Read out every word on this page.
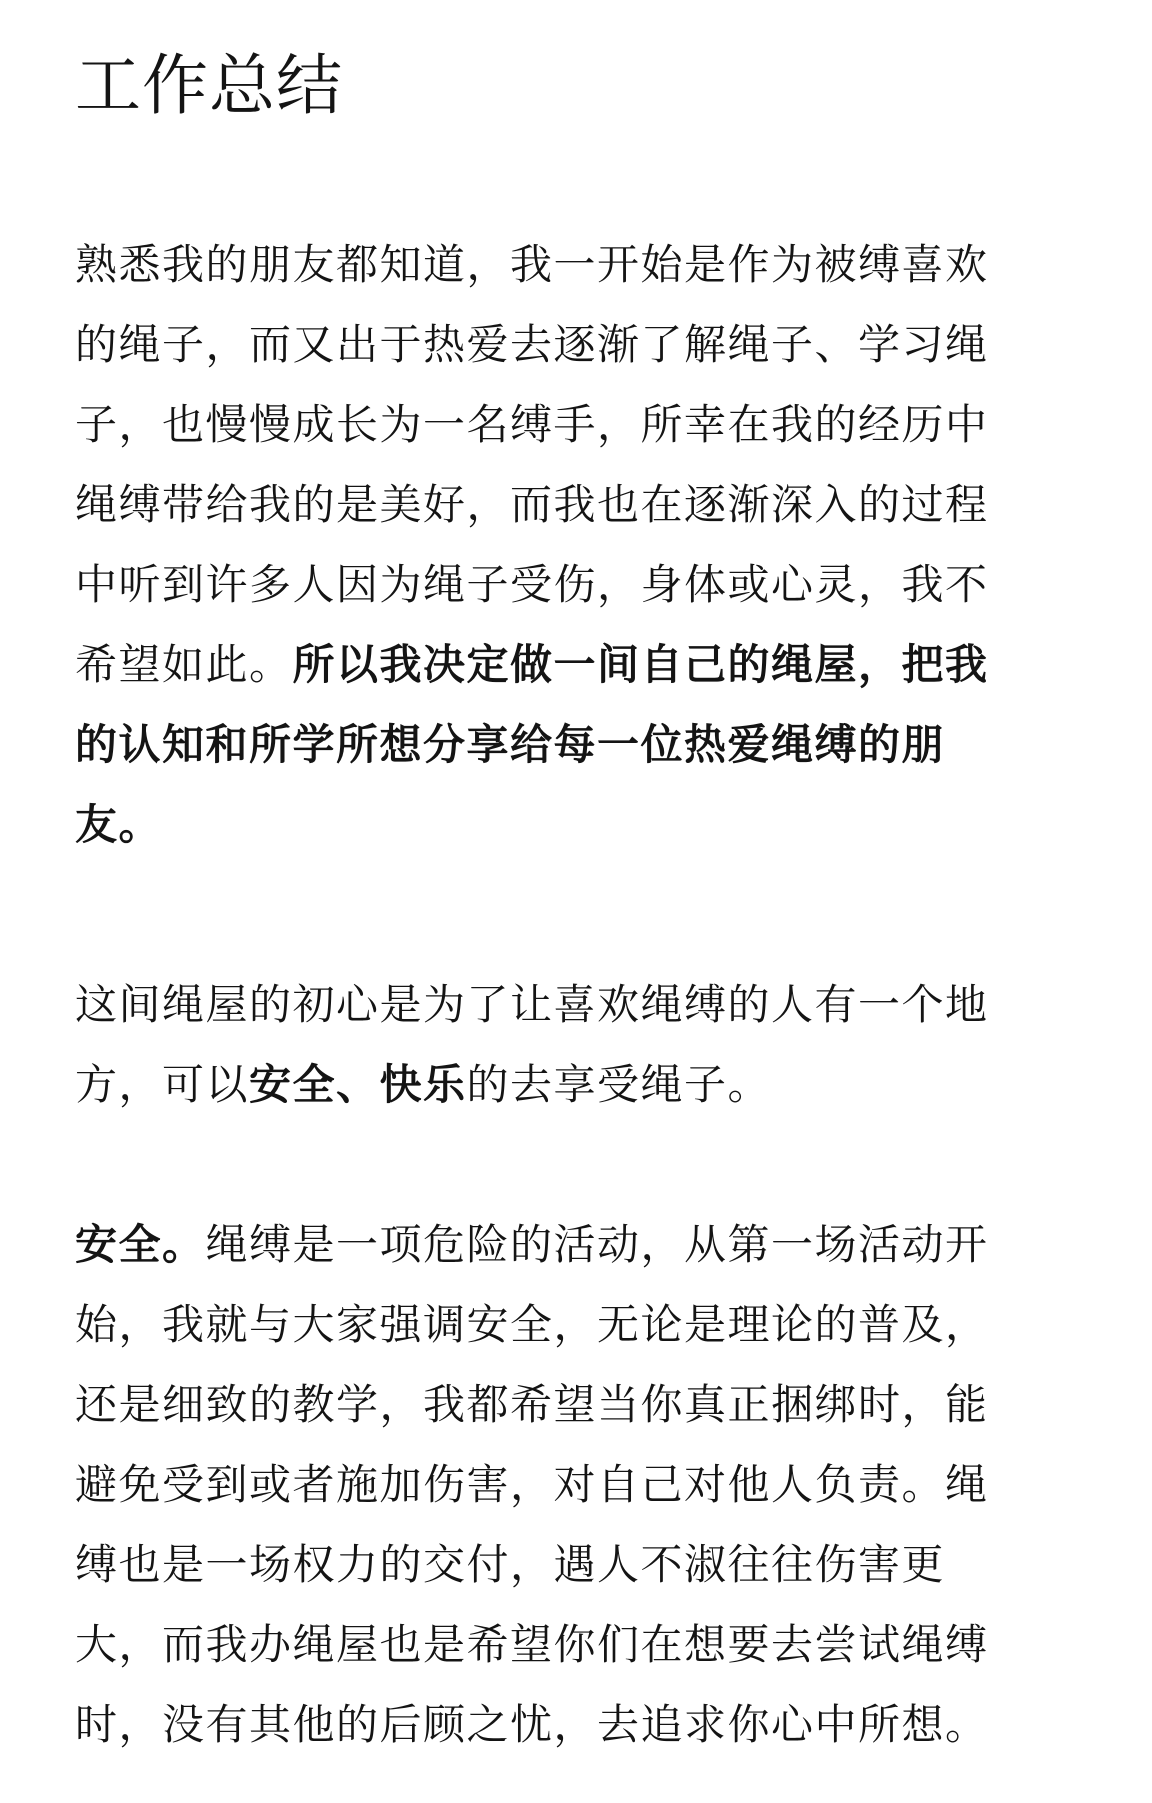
工作总结
熟悉我的朋友都知道，我一开始是作为被缚喜欢
的绳子，而又出于热爱去逐渐了解绳子、学习绳
子，也慢慢成长为一名缚手，所幸在我的经历中
绳缚带给我的是美好，而我也在逐渐深入的过程
中听到许多人因为绳子受伤，身体或心灵，我不
希望如此。所以我决定做一间自己的绳屋，把我
的认知和所学所想分享给每一位热爱绳缚的朋
友。
这间绳屋的初心是为了让喜欢绳缚的人有一个地
方，可以安全、快乐的去享受绳子。
安全。绳缚是一项危险的活动，从第一场活动开
始，我就与大家强调安全，无论是理论的普及，
还是细致的教学，我都希望当你真正捆绑时，能
避免受到或者施加伤害，对自己对他人负责。绳
缚也是一场权力的交付，遇人不淑往往伤害更
大，而我办绳屋也是希望你们在想要去尝试绳缚
时，没有其他的后顾之忧，去追求你心中所想。
